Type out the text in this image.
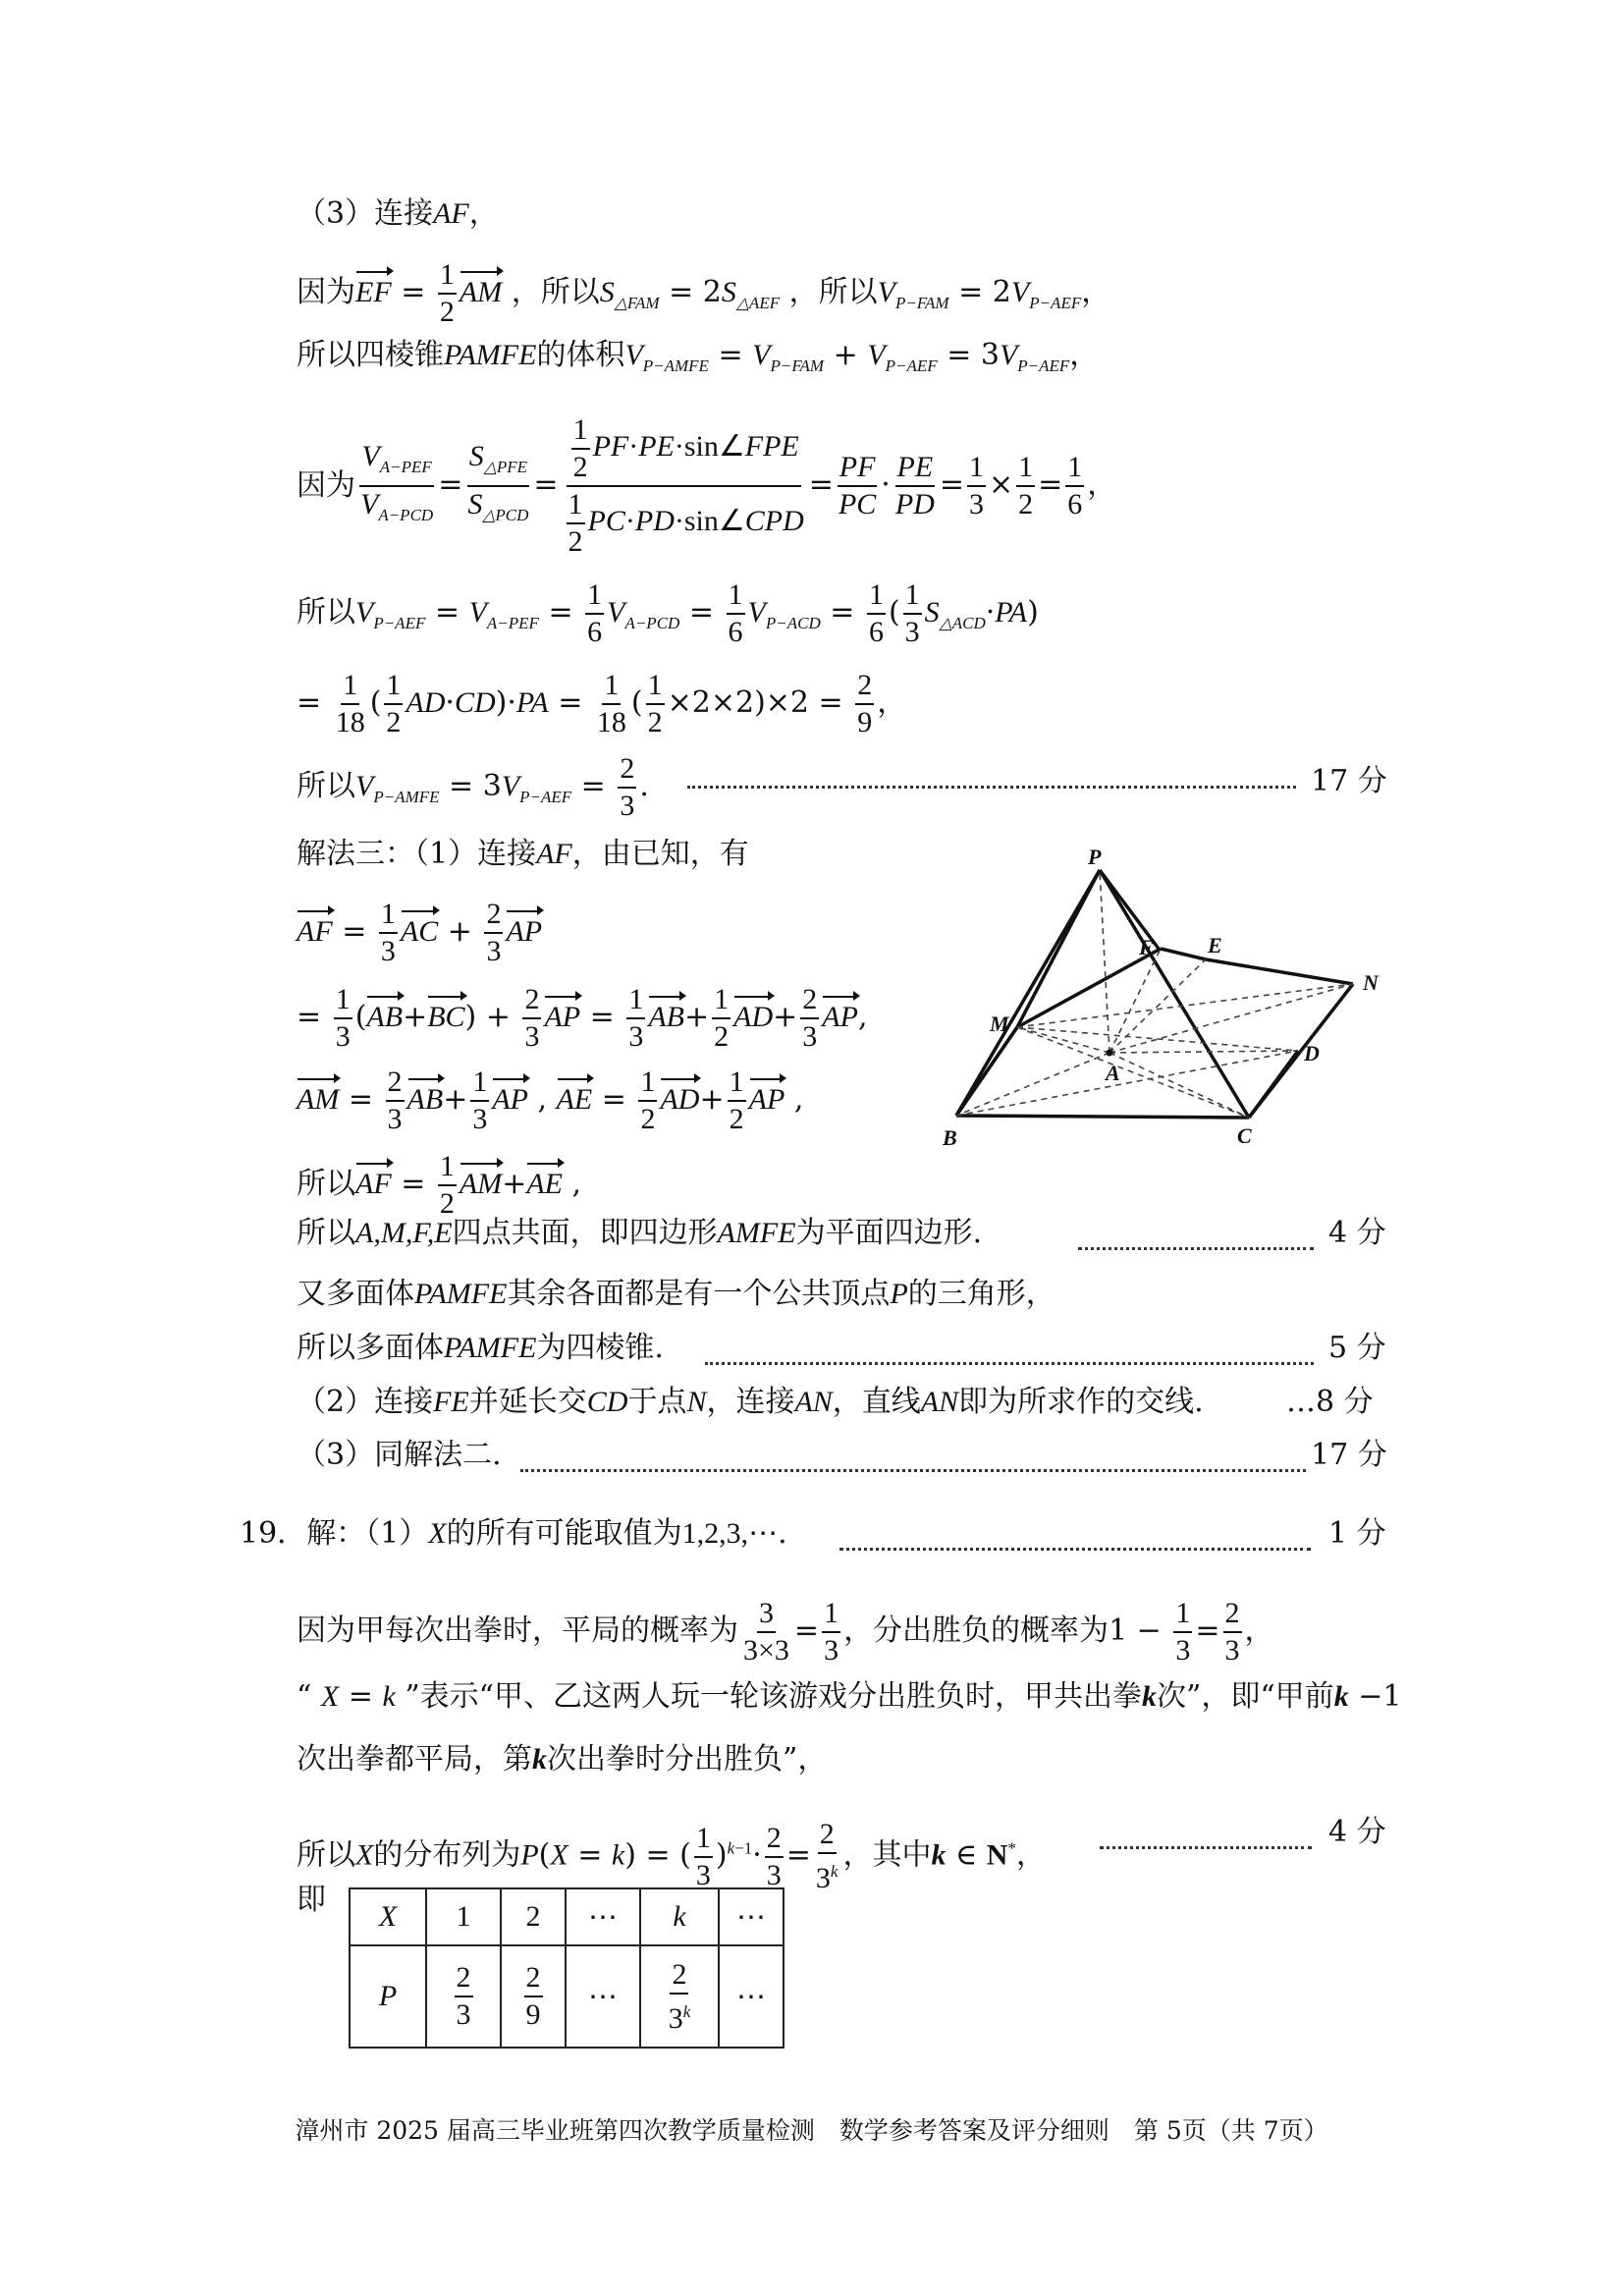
（3）连接AF，
因为EF = $\frac{1}{2}$ AM ，所以$S_{\triangle FAM} = 2S_{\triangle AEF}$ ，所以$V_{P-FAM} = 2V_{P-AEF}$，
所以四棱锥PAMFE的体积$V_{P-AMFE} = V_{P-FAM} + V_{P-AEF} = 3V_{P-AEF}$，
因为 $\frac{V_{A-PEF}}{V_{A-PCD}} = \frac{S_{\triangle PFE}}{S_{\triangle PCD}} = \frac{\frac{1}{2} PF\cdot PE\cdot\sin\angle FPE}{\frac{1}{2} PC\cdot PD\cdot\sin\angle CPD} = \frac{PF}{PC} \cdot \frac{PE}{PD} = \frac{1}{3} \times \frac{1}{2} = \frac{1}{6}$ ，
所以$V_{P-AEF} = V_{A-PEF} = \frac{1}{6} V_{A-PCD} = \frac{1}{6} V_{P-ACD} = \frac{1}{6}$ ( $\frac{1}{3} S_{\triangle ACD}\cdot PA$)
= $\frac{1}{18}$ ( $\frac{1}{2} AD\cdot CD)\cdot PA = \frac{1}{18}$ ( $\frac{1}{2} \times 2\times 2)\times 2 = \frac{2}{9}$ ，
所以$V_{P-AMFE} = 3V_{P-AEF} = \frac{2}{3}$ .	17 分
解法三：（1）连接AF，由已知，有
AF = $\frac{1}{3}$ AC + $\frac{2}{3}$ AP
= $\frac{1}{3} (AB+BC) + \frac{2}{3}$ AP = $\frac{1}{3} AB+ \frac{1}{2} AD+ \frac{2}{3}$ AP,
AM = $\frac{2}{3} AB+ \frac{1}{3}$ AP , AE = $\frac{1}{2} AD+ \frac{1}{2}$ AP ,
所以AF = $\frac{1}{2} AM+AE$ ,
P
F	E
N
M
A
D
B	C
所以A,M,F,E四点共面，即四边形AMFE为平面四边形.	4 分
又多面体PAMFE其余各面都是有一个公共顶点P的三角形，
所以多面体PAMFE为四棱锥.	5 分
（2）连接FE并延长交CD于点N，连接AN，直线AN即为所求作的交线.	…8 分
（3）同解法二.	17 分
19．解：（1）X的所有可能取值为1,2,3,⋯.	1 分
因为甲每次出拳时，平局的概率为 $\frac{3}{3\times 3} = \frac{1}{3}$ ，分出胜负的概率为$1 - \frac{1}{3} = \frac{2}{3}$ ，
“ X = k ”表示“甲、乙这两人玩一轮该游戏分出胜负时，甲共出拳k次”，即“甲前k −1
次出拳都平局，第k次出拳时分出胜负”，
所以X的分布列为P(X = k) = ( $\frac{1}{3} )^{k-1}\cdot \frac{2}{3} = \frac{2}{3^k}$ ，其中k ∈ N*，
4 分
即 X	1	2	⋯	k	⋯
P	$\frac{2}{3}$	$\frac{2}{9}$	⋯	$\frac{2}{3^k}$	⋯
漳州市 2025 届高三毕业班第四次教学质量检测　数学参考答案及评分细则　第 5页（共 7页）
